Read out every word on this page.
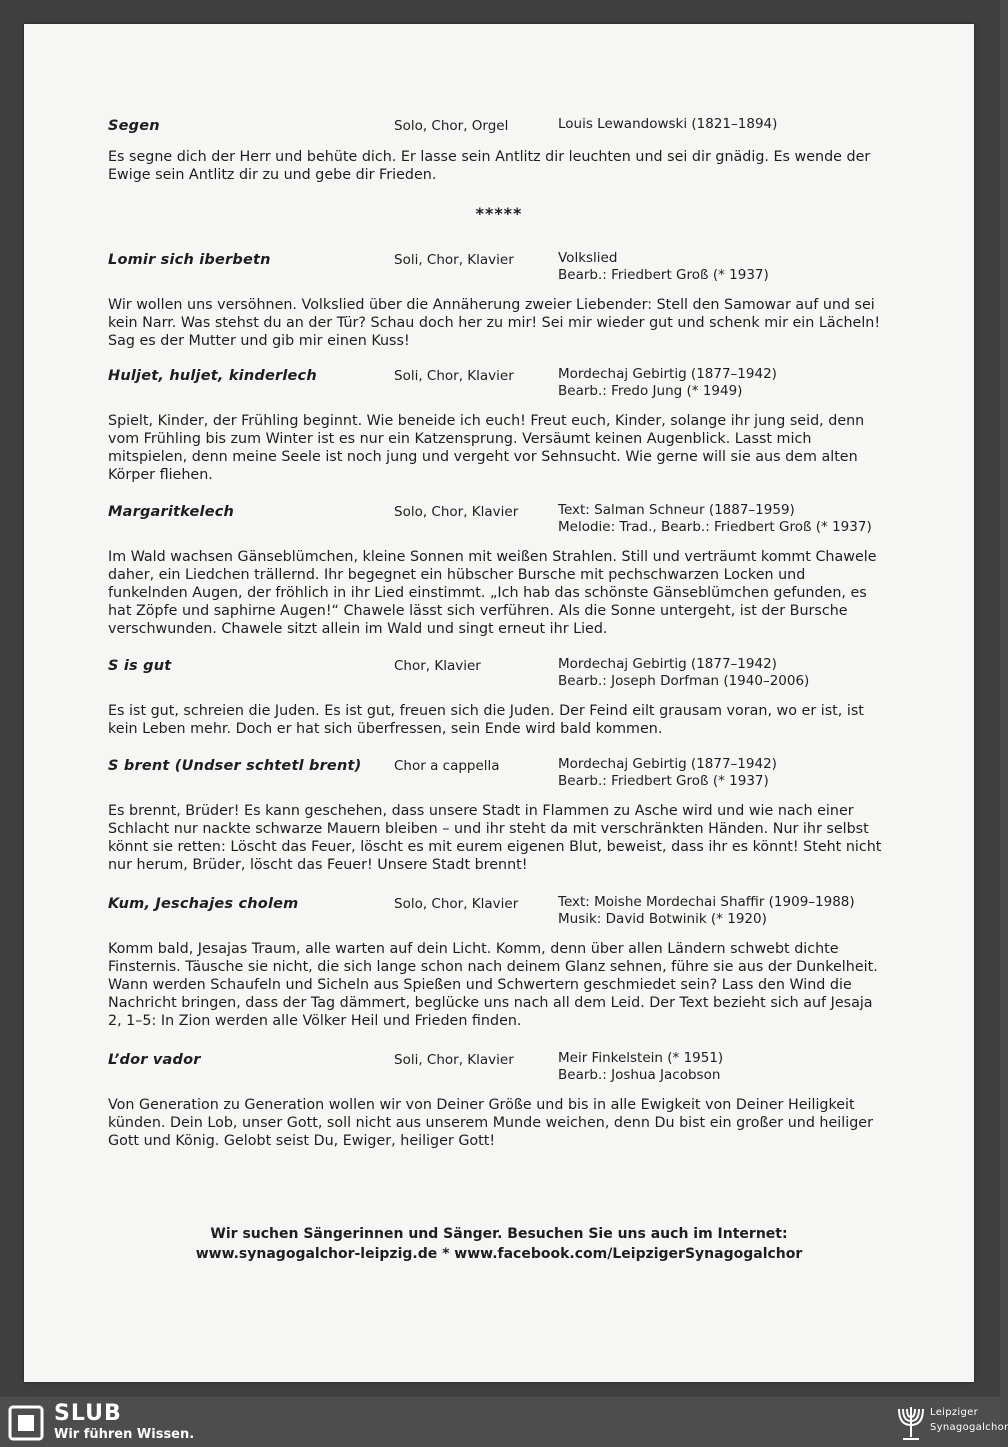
Segen	Solo, Chor, Orgel	Louis Lewandowski (1821–1894)
Es segne dich der Herr und behüte dich. Er lasse sein Antlitz dir leuchten und sei dir gnädig. Es wende der Ewige sein Antlitz dir zu und gebe dir Frieden.
*****
Lomir sich iberbetn	Soli, Chor, Klavier	Volkslied
Bearb.: Friedbert Groß (* 1937)
Wir wollen uns versöhnen. Volkslied über die Annäherung zweier Liebender: Stell den Samowar auf und sei kein Narr. Was stehst du an der Tür? Schau doch her zu mir! Sei mir wieder gut und schenk mir ein Lächeln! Sag es der Mutter und gib mir einen Kuss!
Huljet, huljet, kinderlech	Soli, Chor, Klavier	Mordechaj Gebirtig (1877–1942)
Bearb.: Fredo Jung (* 1949)
Spielt, Kinder, der Frühling beginnt. Wie beneide ich euch! Freut euch, Kinder, solange ihr jung seid, denn vom Frühling bis zum Winter ist es nur ein Katzensprung. Versäumt keinen Augenblick. Lasst mich mitspielen, denn meine Seele ist noch jung und vergeht vor Sehnsucht. Wie gerne will sie aus dem alten Körper fliehen.
Margaritkelech	Solo, Chor, Klavier	Text: Salman Schneur (1887–1959)
Melodie: Trad., Bearb.: Friedbert Groß (* 1937)
Im Wald wachsen Gänseblümchen, kleine Sonnen mit weißen Strahlen. Still und verträumt kommt Chawele daher, ein Liedchen trällernd. Ihr begegnet ein hübscher Bursche mit pechschwarzen Locken und funkelnden Augen, der fröhlich in ihr Lied einstimmt. „Ich hab das schönste Gänseblümchen gefunden, es hat Zöpfe und saphirne Augen!“ Chawele lässt sich verführen. Als die Sonne untergeht, ist der Bursche verschwunden. Chawele sitzt allein im Wald und singt erneut ihr Lied.
S is gut	Chor, Klavier	Mordechaj Gebirtig (1877–1942)
Bearb.: Joseph Dorfman (1940–2006)
Es ist gut, schreien die Juden. Es ist gut, freuen sich die Juden. Der Feind eilt grausam voran, wo er ist, ist kein Leben mehr. Doch er hat sich überfressen, sein Ende wird bald kommen.
S brent (Undser schtetl brent) Chor a cappella	Mordechaj Gebirtig (1877–1942)
Bearb.: Friedbert Groß (* 1937)
Es brennt, Brüder! Es kann geschehen, dass unsere Stadt in Flammen zu Asche wird und wie nach einer Schlacht nur nackte schwarze Mauern bleiben – und ihr steht da mit verschränkten Händen. Nur ihr selbst könnt sie retten: Löscht das Feuer, löscht es mit eurem eigenen Blut, beweist, dass ihr es könnt! Steht nicht nur herum, Brüder, löscht das Feuer! Unsere Stadt brennt!
Kum, Jeschajes cholem	Solo, Chor, Klavier	Text: Moishe Mordechai Shaffir (1909–1988)
Musik: David Botwinik (* 1920)
Komm bald, Jesajas Traum, alle warten auf dein Licht. Komm, denn über allen Ländern schwebt dichte Finsternis. Täusche sie nicht, die sich lange schon nach deinem Glanz sehnen, führe sie aus der Dunkelheit. Wann werden Schaufeln und Sicheln aus Spießen und Schwertern geschmiedet sein? Lass den Wind die Nachricht bringen, dass der Tag dämmert, beglücke uns nach all dem Leid. Der Text bezieht sich auf Jesaja 2, 1–5: In Zion werden alle Völker Heil und Frieden finden.
L’dor vador	Soli, Chor, Klavier	Meir Finkelstein (* 1951)
Bearb.: Joshua Jacobson
Von Generation zu Generation wollen wir von Deiner Größe und bis in alle Ewigkeit von Deiner Heiligkeit künden. Dein Lob, unser Gott, soll nicht aus unserem Munde weichen, denn Du bist ein großer und heiliger Gott und König. Gelobt seist Du, Ewiger, heiliger Gott!
Wir suchen Sängerinnen und Sänger. Besuchen Sie uns auch im Internet:
www.synagogalchor-leipzig.de * www.facebook.com/LeipzigerSynagogalchor
SLUB
Wir führen Wissen.
Leipziger
Synagogalchor
